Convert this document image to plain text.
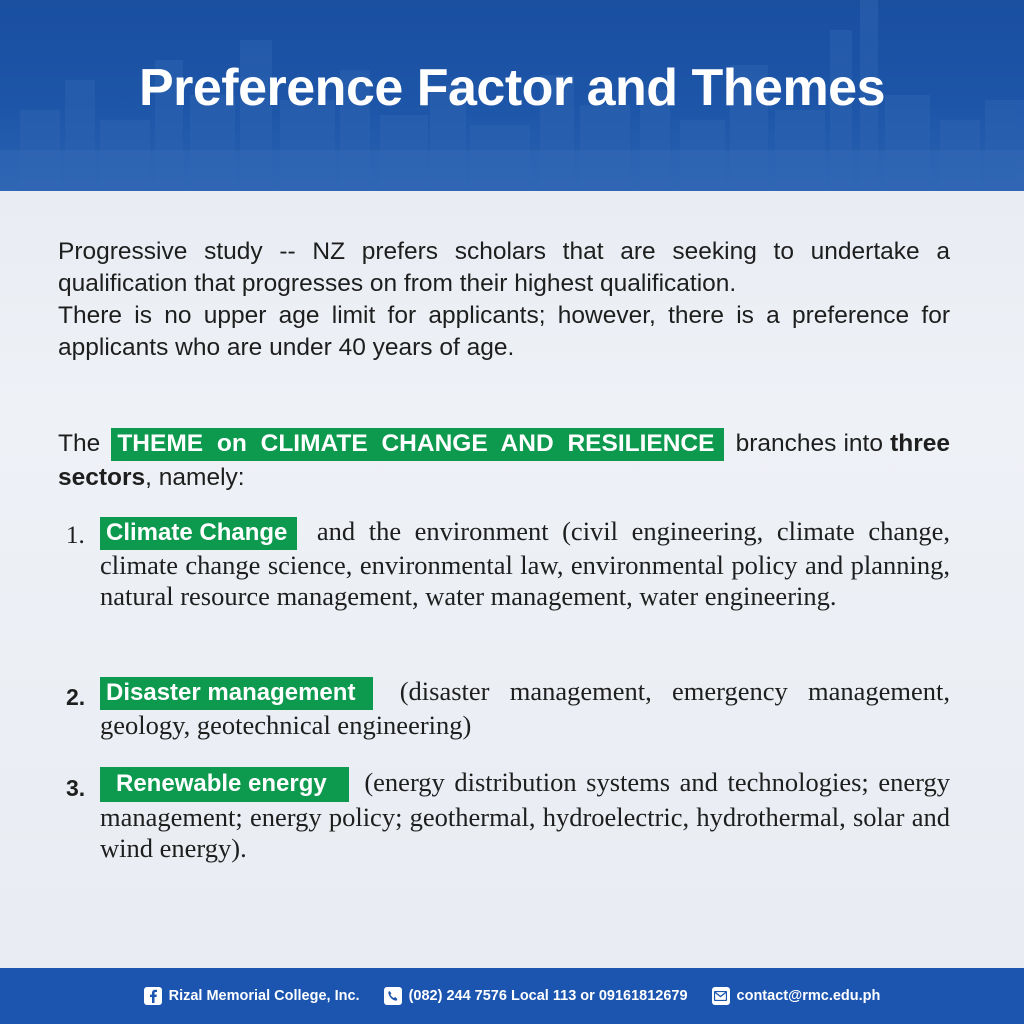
Preference Factor and Themes

Progressive study -- NZ prefers scholars that are seeking to undertake a qualification that progresses on from their highest qualification.

There is no upper age limit for applicants; however, there is a preference for applicants who are under 40 years of age.

The THEME on CLIMATE CHANGE AND RESILIENCE branches into three sectors, namely:

1. Climate Change and the environment (civil engineering, climate change, climate change science, environmental law, environmental policy and planning, natural resource management, water management, water engineering.

2. Disaster management (disaster management, emergency management, geology, geotechnical engineering)

3.	Renewable energy (energy distribution systems and technologies; energy management; energy policy; geothermal, hydroelectric, hydrothermal, solar and wind energy).

Rizal Memorial College, Inc.	(082) 244 7576 Local 113 or 09161812679	contact@rmc.edu.ph
